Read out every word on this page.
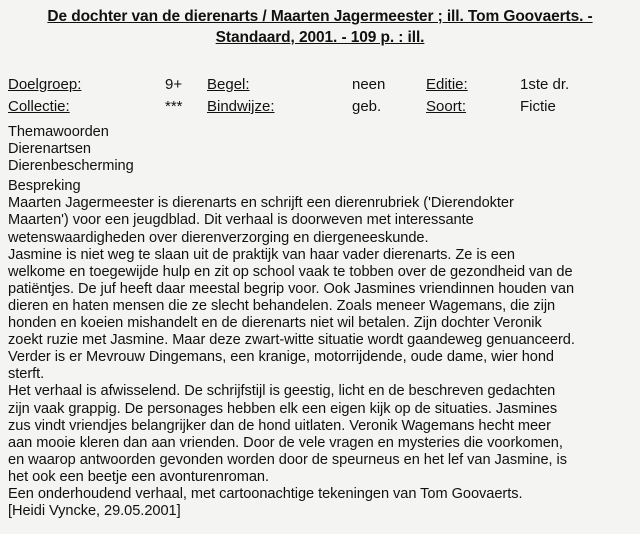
De dochter van de dierenarts / Maarten Jagermeester ; ill. Tom Goovaerts. -
Standaard, 2001. - 109 p. : ill.
Doelgroep:	9+ Begel:	neen	Editie:	1ste dr.
Collectie:	*** Bindwijze:	geb.	Soort:	Fictie
Themawoorden
Dierenartsen
Dierenbescherming
Bespreking
Maarten Jagermeester is dierenarts en schrijft een dierenrubriek ('Dierendokter
Maarten') voor een jeugdblad. Dit verhaal is doorweven met interessante
wetenswaardigheden over dierenverzorging en diergeneeskunde.
Jasmine is niet weg te slaan uit de praktijk van haar vader dierenarts. Ze is een
welkome en toegewijde hulp en zit op school vaak te tobben over de gezondheid van de
patiëntjes. De juf heeft daar meestal begrip voor. Ook Jasmines vriendinnen houden van
dieren en haten mensen die ze slecht behandelen. Zoals meneer Wagemans, die zijn
honden en koeien mishandelt en de dierenarts niet wil betalen. Zijn dochter Veronik
zoekt ruzie met Jasmine. Maar deze zwart-witte situatie wordt gaandeweg genuanceerd.
Verder is er Mevrouw Dingemans, een kranige, motorrijdende, oude dame, wier hond
sterft.
Het verhaal is afwisselend. De schrijfstijl is geestig, licht en de beschreven gedachten
zijn vaak grappig. De personages hebben elk een eigen kijk op de situaties. Jasmines
zus vindt vriendjes belangrijker dan de hond uitlaten. Veronik Wagemans hecht meer
aan mooie kleren dan aan vrienden. Door de vele vragen en mysteries die voorkomen,
en waarop antwoorden gevonden worden door de speurneus en het lef van Jasmine, is
het ook een beetje een avonturenroman.
Een onderhoudend verhaal, met cartoonachtige tekeningen van Tom Goovaerts.
[Heidi Vyncke, 29.05.2001]
